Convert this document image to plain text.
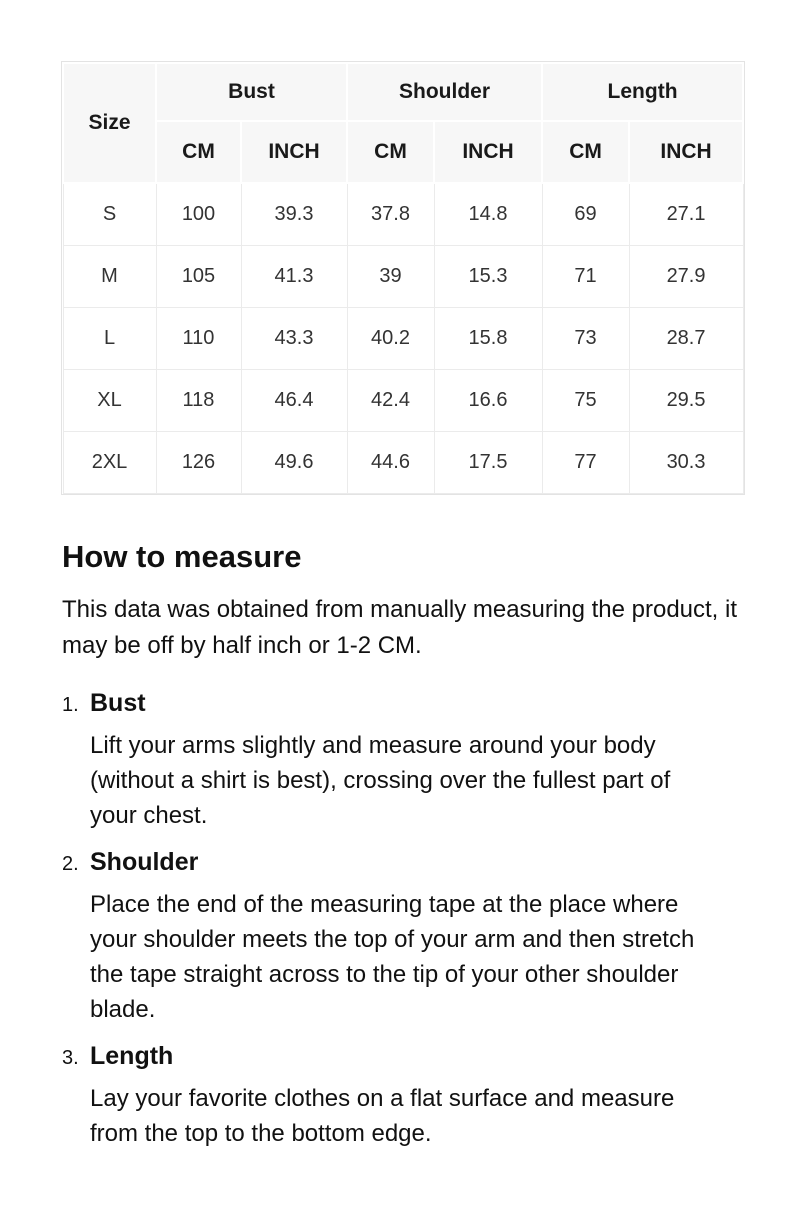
Size	Bust		Shoulder		Length	
	CM	INCH	CM	INCH	CM	INCH
S	100	39.3	37.8	14.8	69	27.1
M	105	41.3	39	15.3	71	27.9
L	110	43.3	40.2	15.8	73	28.7
XL	118	46.4	42.4	16.6	75	29.5
2XL	126	49.6	44.6	17.5	77	30.3
How to measure

This data was obtained from manually measuring the product, it may be off by half inch or 1-2 CM.

1. Bust

Lift your arms slightly and measure around your body (without a shirt is best), crossing over the fullest part of your chest.

2. Shoulder

Place the end of the measuring tape at the place where your shoulder meets the top of your arm and then stretch the tape straight across to the tip of your other shoulder blade.

3. Length

Lay your favorite clothes on a flat surface and measure from the top to the bottom edge.
